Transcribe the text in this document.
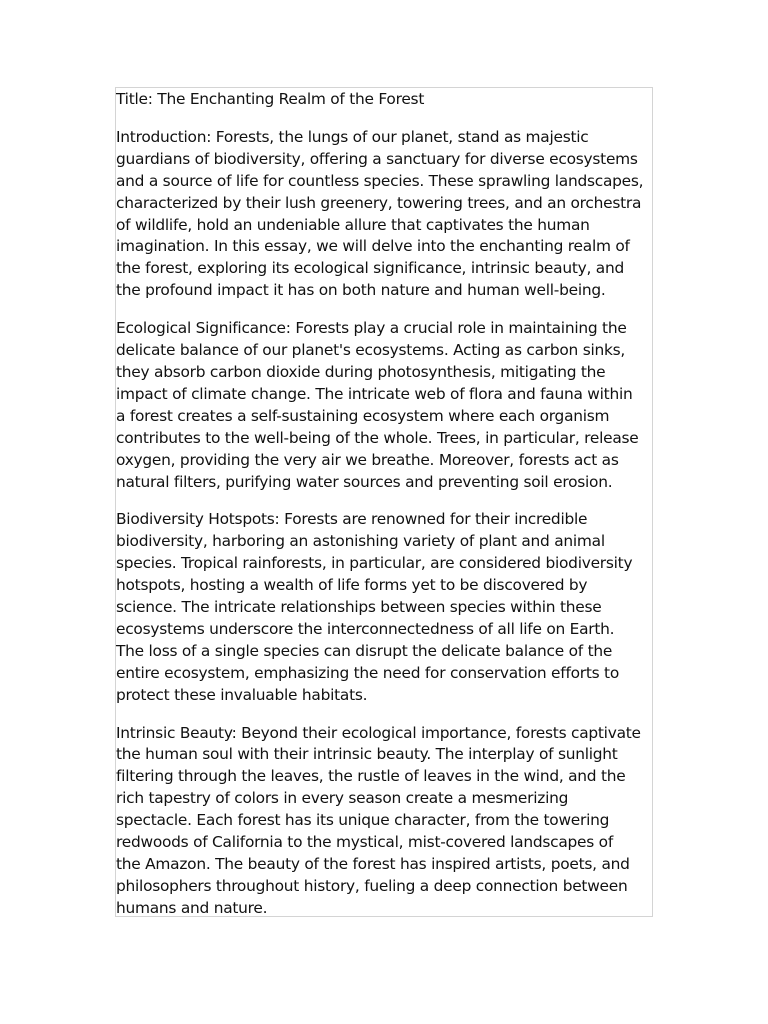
Title: The Enchanting Realm of the Forest

Introduction: Forests, the lungs of our planet, stand as majestic
guardians of biodiversity, offering a sanctuary for diverse ecosystems
and a source of life for countless species. These sprawling landscapes,
characterized by their lush greenery, towering trees, and an orchestra
of wildlife, hold an undeniable allure that captivates the human
imagination. In this essay, we will delve into the enchanting realm of
the forest, exploring its ecological significance, intrinsic beauty, and
the profound impact it has on both nature and human well-being.

Ecological Significance: Forests play a crucial role in maintaining the
delicate balance of our planet's ecosystems. Acting as carbon sinks,
they absorb carbon dioxide during photosynthesis, mitigating the
impact of climate change. The intricate web of flora and fauna within
a forest creates a self-sustaining ecosystem where each organism
contributes to the well-being of the whole. Trees, in particular, release
oxygen, providing the very air we breathe. Moreover, forests act as
natural filters, purifying water sources and preventing soil erosion.

Biodiversity Hotspots: Forests are renowned for their incredible
biodiversity, harboring an astonishing variety of plant and animal
species. Tropical rainforests, in particular, are considered biodiversity
hotspots, hosting a wealth of life forms yet to be discovered by
science. The intricate relationships between species within these
ecosystems underscore the interconnectedness of all life on Earth.
The loss of a single species can disrupt the delicate balance of the
entire ecosystem, emphasizing the need for conservation efforts to
protect these invaluable habitats.

Intrinsic Beauty: Beyond their ecological importance, forests captivate
the human soul with their intrinsic beauty. The interplay of sunlight
filtering through the leaves, the rustle of leaves in the wind, and the
rich tapestry of colors in every season create a mesmerizing
spectacle. Each forest has its unique character, from the towering
redwoods of California to the mystical, mist-covered landscapes of
the Amazon. The beauty of the forest has inspired artists, poets, and
philosophers throughout history, fueling a deep connection between
humans and nature.
